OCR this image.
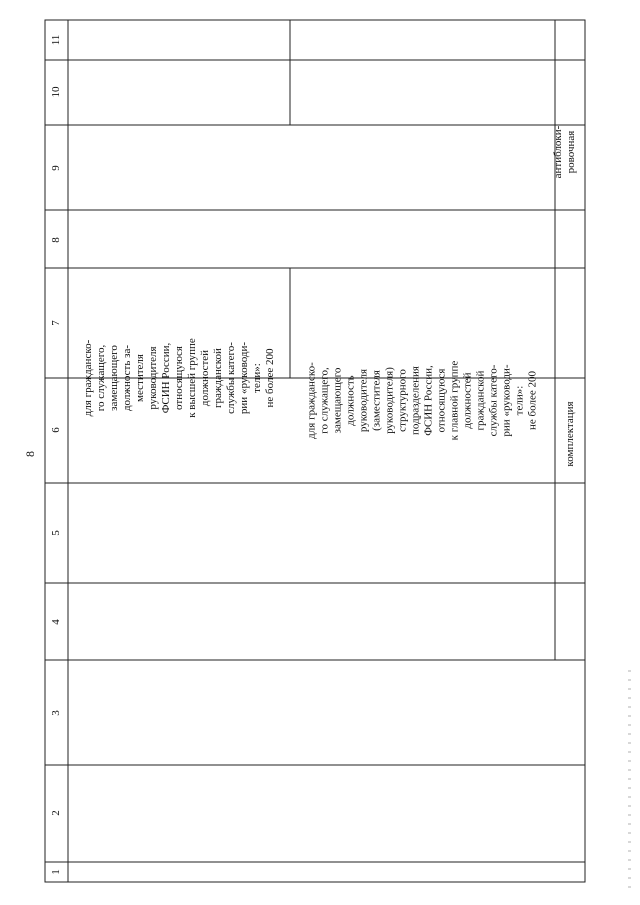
8
1
2
3
4
5
6
7
8
9
10
11
для гражданско-
го служащего,
замещающего
должность за-
местителя
руководителя
ФСИН России,
относящуюся
к высшей группе
должностей
гражданской
службы катего-
рии «руководи-
тели»:
не более 200
для гражданско-
го служащего,
замещающего
должность
руководителя
(заместителя
руководителя)
структурного
подразделения
ФСИН России,
относящуюся
к главной группе
должностей
гражданской
службы катего-
рии «руководи-
тели»:
не более 200
комплектация
антиблоки-
ровочная
